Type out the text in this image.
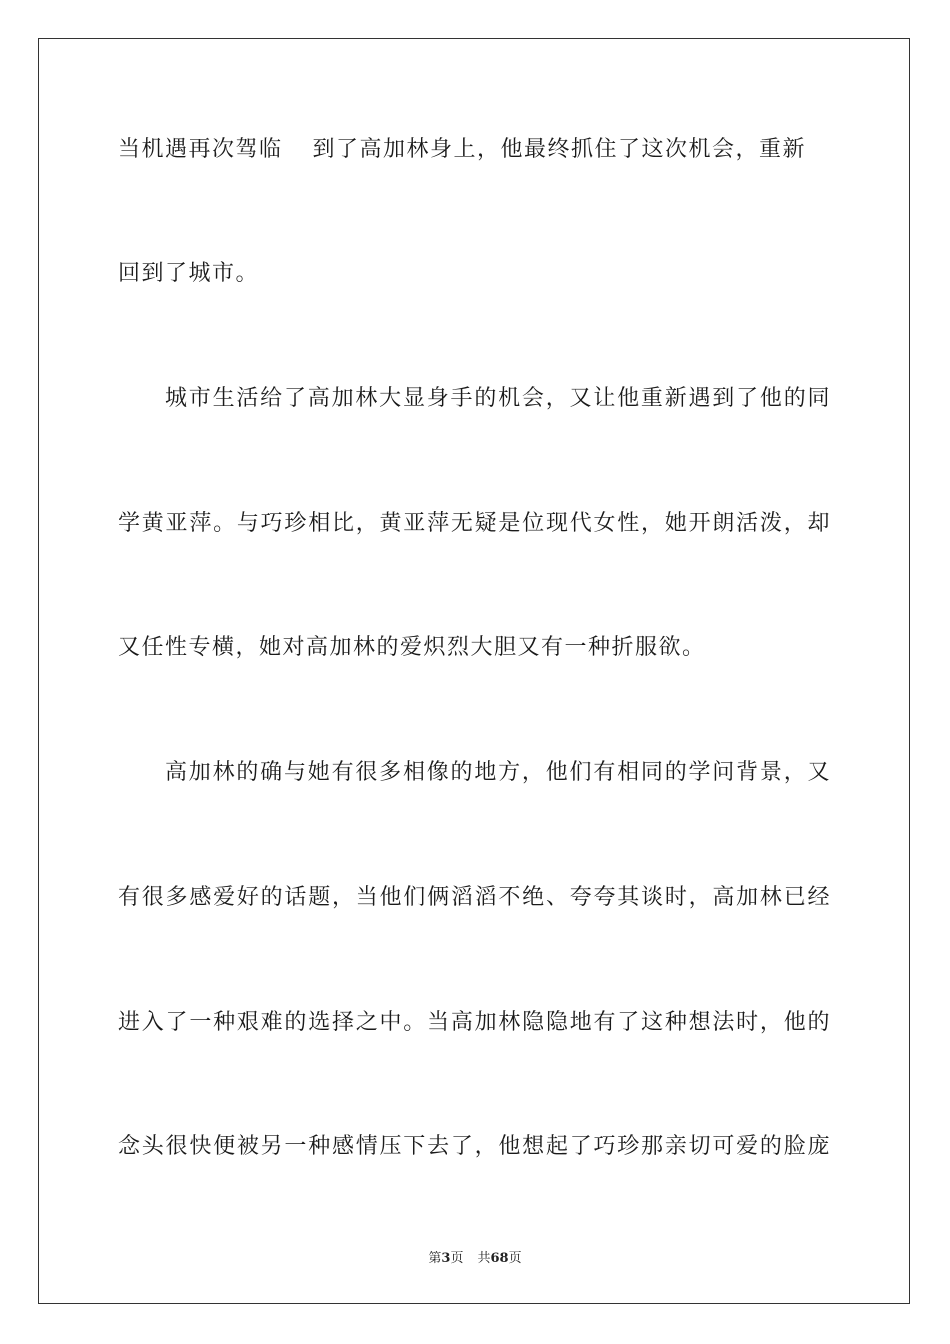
当机遇再次驾临 到了高加林身上，他最终抓住了这次机会，重新
回到了城市。
城市生活给了高加林大显身手的机会，又让他重新遇到了他的同
学黄亚萍。与巧珍相比，黄亚萍无疑是位现代女性，她开朗活泼，却
又任性专横，她对高加林的爱炽烈大胆又有一种折服欲。
高加林的确与她有很多相像的地方，他们有相同的学问背景，又
有很多感爱好的话题，当他们俩滔滔不绝、夸夸其谈时，高加林已经
进入了一种艰难的选择之中。当高加林隐隐地有了这种想法时，他的
念头很快便被另一种感情压下去了，他想起了巧珍那亲切可爱的脸庞
第3页 共68页
